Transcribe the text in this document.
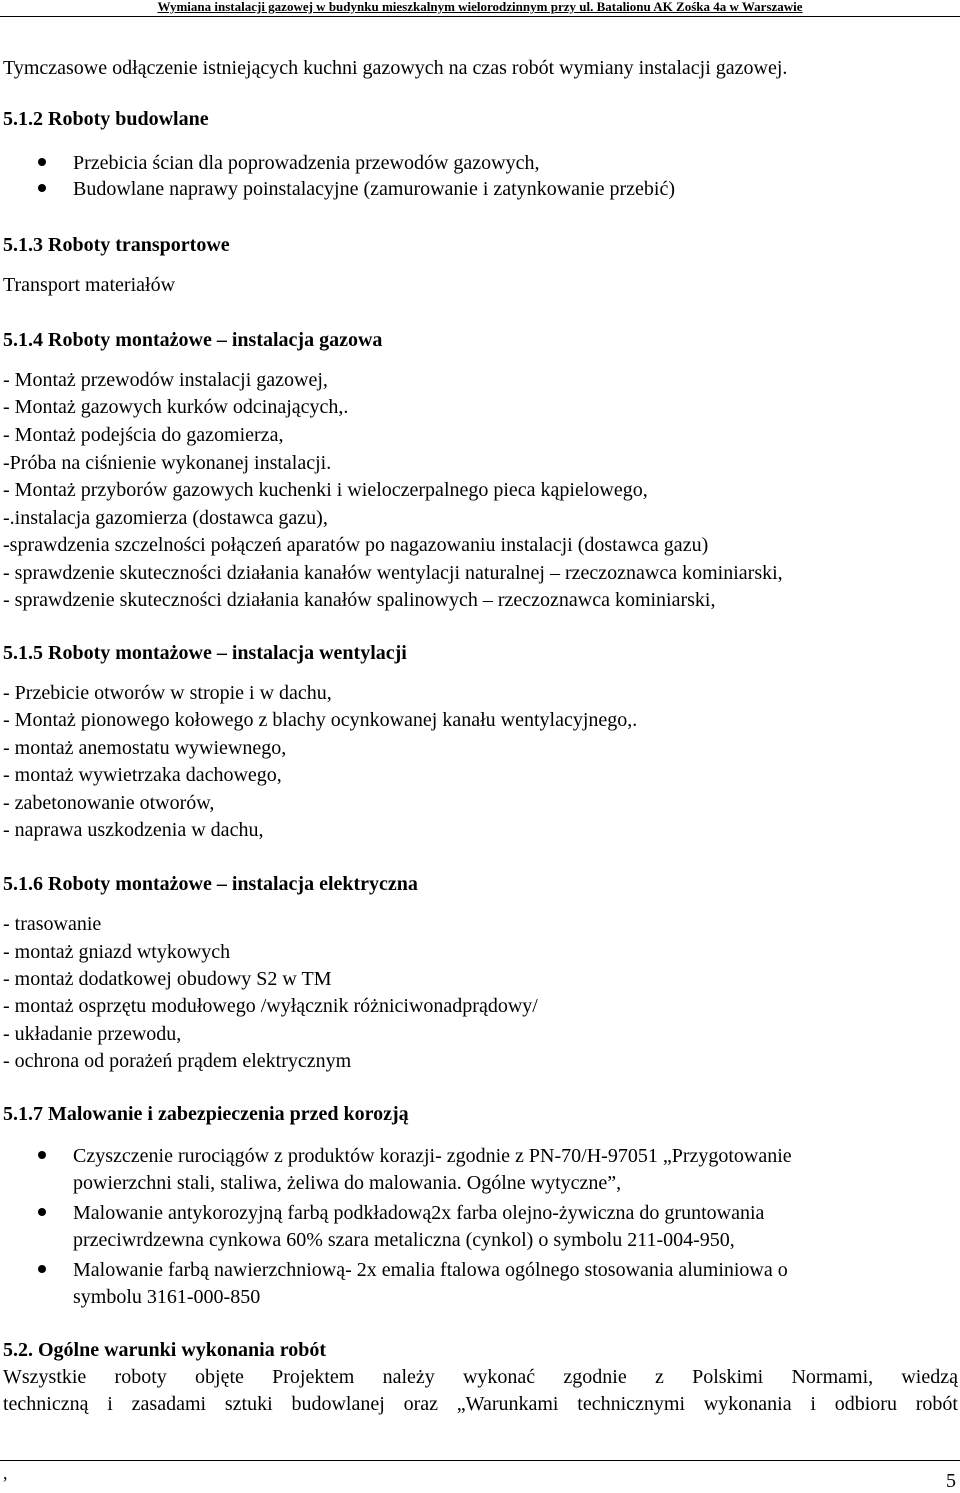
Wymiana instalacji gazowej w budynku mieszkalnym wielorodzinnym przy ul. Batalionu AK Zośka 4a w Warszawie
Tymczasowe odłączenie istniejących kuchni gazowych na czas robót wymiany instalacji gazowej.
5.1.2 Roboty budowlane
Przebicia ścian dla poprowadzenia przewodów gazowych,
Budowlane naprawy poinstalacyjne (zamurowanie i zatynkowanie przebić)
5.1.3 Roboty transportowe
Transport materiałów
5.1.4 Roboty montażowe – instalacja gazowa
- Montaż przewodów instalacji gazowej,
- Montaż gazowych kurków odcinających,.
- Montaż podejścia do gazomierza,
-Próba na ciśnienie wykonanej instalacji.
- Montaż przyborów gazowych kuchenki i wieloczerpalnego pieca kąpielowego,
-.instalacja gazomierza (dostawca gazu),
-sprawdzenia szczelności połączeń aparatów po nagazowaniu instalacji (dostawca gazu)
- sprawdzenie skuteczności działania kanałów wentylacji naturalnej – rzeczoznawca kominiarski,
- sprawdzenie skuteczności działania kanałów spalinowych – rzeczoznawca kominiarski,
5.1.5 Roboty montażowe – instalacja wentylacji
- Przebicie otworów w stropie i w dachu,
- Montaż pionowego kołowego z blachy ocynkowanej kanału wentylacyjnego,.
- montaż anemostatu wywiewnego,
- montaż wywietrzaka dachowego,
- zabetonowanie otworów,
- naprawa uszkodzenia w dachu,
5.1.6 Roboty montażowe – instalacja elektryczna
- trasowanie
- montaż gniazd wtykowych
- montaż dodatkowej obudowy S2 w TM
- montaż osprzętu modułowego /wyłącznik różniciwonadprądowy/
- układanie przewodu,
- ochrona od porażeń prądem elektrycznym
5.1.7 Malowanie i zabezpieczenia przed korozją
Czyszczenie rurociągów z produktów korazji- zgodnie z PN-70/H-97051 „Przygotowanie
powierzchni stali, staliwa, żeliwa do malowania. Ogólne wytyczne”,
Malowanie antykorozyjną farbą podkładową2x farba olejno-żywiczna do gruntowania
przeciwrdzewna cynkowa 60% szara metaliczna (cynkol) o symbolu 211-004-950,
Malowanie farbą nawierzchniową- 2x emalia ftalowa ogólnego stosowania aluminiowa o
symbolu 3161-000-850
5.2. Ogólne warunki wykonania robót
Wszystkie roboty objęte Projektem należy wykonać zgodnie z Polskimi Normami, wiedzą
techniczną i zasadami sztuki budowlanej oraz „Warunkami technicznymi wykonania i odbioru robót
,	5
